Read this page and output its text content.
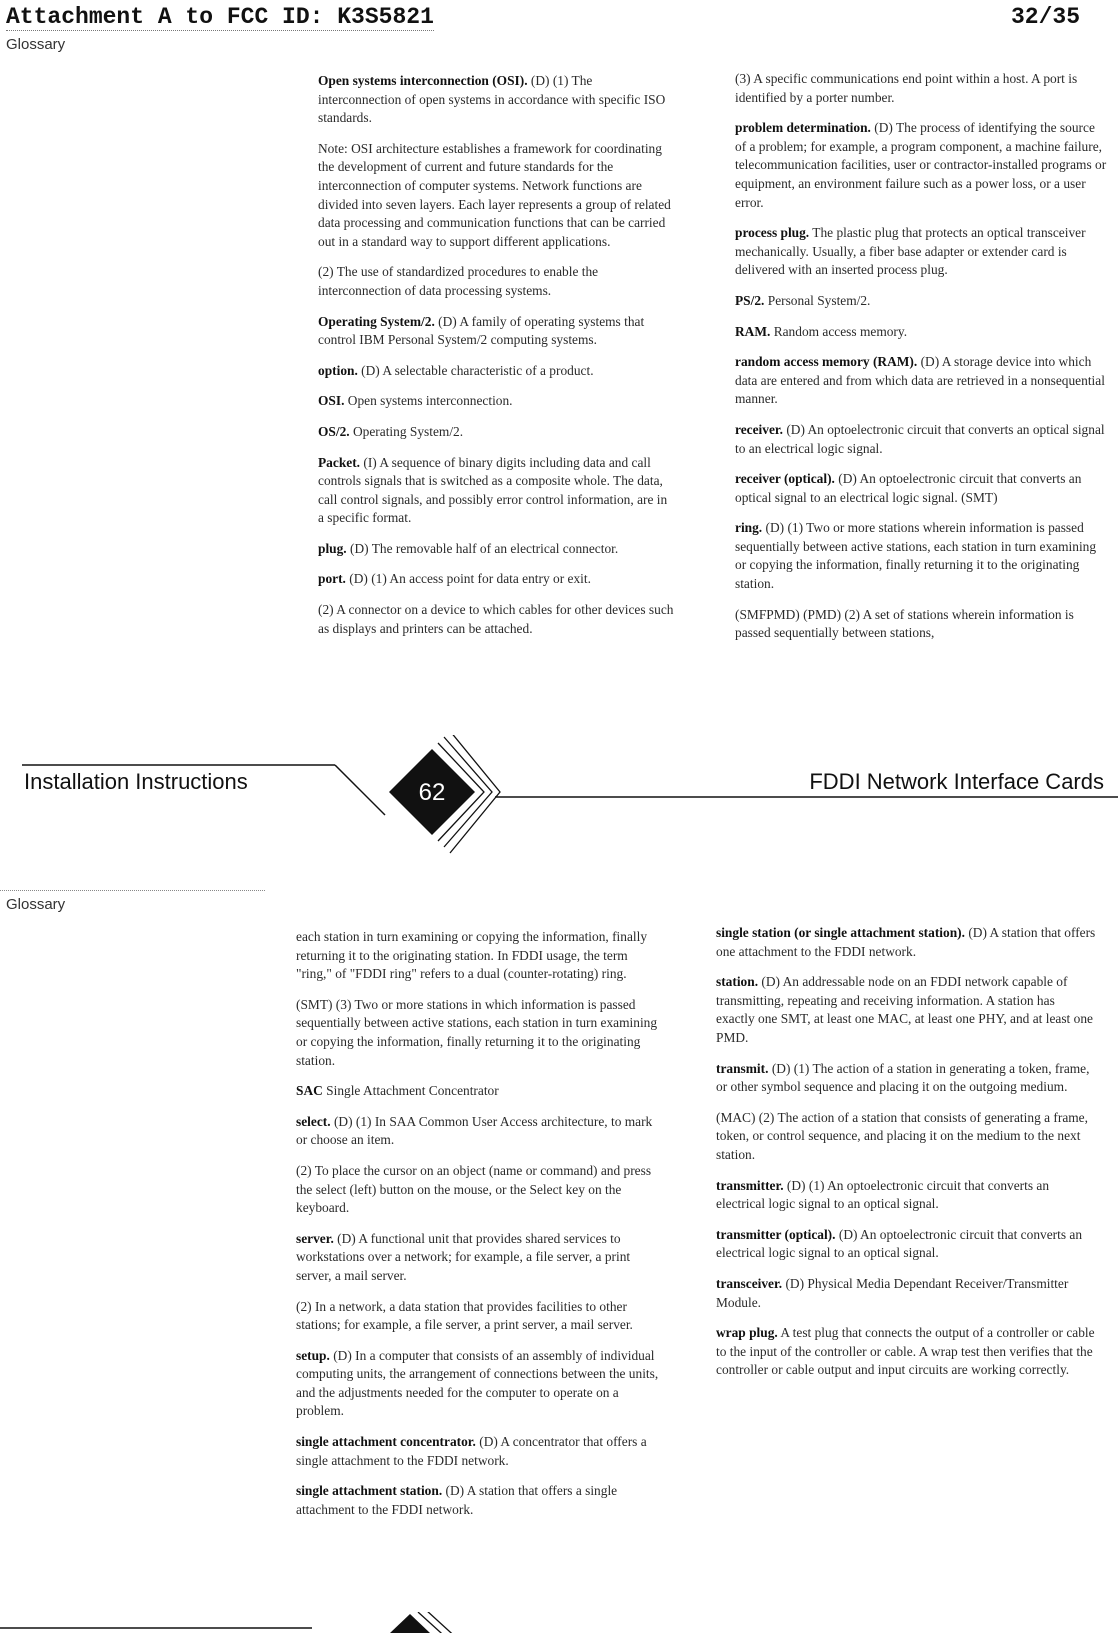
Attachment A to FCC ID: K3S5821	32/35
Glossary

Open systems interconnection (OSI). (D) (1) The interconnection of open systems in accordance with specific ISO standards.

Note: OSI architecture establishes a framework for coordinating the development of current and future standards for the interconnection of computer systems. Network functions are divided into seven layers. Each layer represents a group of related data processing and communication functions that can be carried out in a standard way to support different applications.

(2) The use of standardized procedures to enable the interconnection of data processing systems.

Operating System/2. (D) A family of operating systems that control IBM Personal System/2 computing systems.

option. (D) A selectable characteristic of a product.

OSI. Open systems interconnection.

OS/2. Operating System/2.

Packet. (I) A sequence of binary digits including data and call controls signals that is switched as a composite whole. The data, call control signals, and possibly error control information, are in a specific format.

plug. (D) The removable half of an electrical connector.

port. (D) (1) An access point for data entry or exit.

(2) A connector on a device to which cables for other devices such as displays and printers can be attached.

(3) A specific communications end point within a host. A port is identified by a porter number.

problem determination. (D) The process of identifying the source of a problem; for example, a program component, a machine failure, telecommunication facilities, user or contractor-installed programs or equipment, an environment failure such as a power loss, or a user error.

process plug. The plastic plug that protects an optical transceiver mechanically. Usually, a fiber base adapter or extender card is delivered with an inserted process plug.

PS/2. Personal System/2.

RAM. Random access memory.

random access memory (RAM). (D) A storage device into which data are entered and from which data are retrieved in a nonsequential manner.

receiver. (D) An optoelectronic circuit that converts an optical signal to an electrical logic signal.

receiver (optical). (D) An optoelectronic circuit that converts an optical signal to an electrical logic signal. (SMT)

ring. (D) (1) Two or more stations wherein information is passed sequentially between active stations, each station in turn examining or copying the information, finally returning it to the originating station.

(SMFPMD) (PMD) (2) A set of stations wherein information is passed sequentially between stations,

Installation Instructions	62	FDDI Network Interface Cards
Glossary

each station in turn examining or copying the information, finally returning it to the originating station. In FDDI usage, the term "ring," of "FDDI ring" refers to a dual (counter-rotating) ring.

(SMT) (3) Two or more stations in which information is passed sequentially between active stations, each station in turn examining or copying the information, finally returning it to the originating station.

SAC Single Attachment Concentrator

select. (D) (1) In SAA Common User Access architecture, to mark or choose an item.

(2) To place the cursor on an object (name or command) and press the select (left) button on the mouse, or the Select key on the keyboard.

server. (D) A functional unit that provides shared services to workstations over a network; for example, a file server, a print server, a mail server.

(2) In a network, a data station that provides facilities to other stations; for example, a file server, a print server, a mail server.

setup. (D) In a computer that consists of an assembly of individual computing units, the arrangement of connections between the units, and the adjustments needed for the computer to operate on a problem.

single attachment concentrator. (D) A concentrator that offers a single attachment to the FDDI network.

single attachment station. (D) A station that offers a single attachment to the FDDI network.

single station (or single attachment station). (D) A station that offers one attachment to the FDDI network.

station. (D) An addressable node on an FDDI network capable of transmitting, repeating and receiving information. A station has exactly one SMT, at least one MAC, at least one PHY, and at least one PMD.

transmit. (D) (1) The action of a station in generating a token, frame, or other symbol sequence and placing it on the outgoing medium.

(MAC) (2) The action of a station that consists of generating a frame, token, or control sequence, and placing it on the medium to the next station.

transmitter. (D) (1) An optoelectronic circuit that converts an electrical logic signal to an optical signal.

transmitter (optical). (D) An optoelectronic circuit that converts an electrical logic signal to an optical signal.

transceiver. (D) Physical Media Dependant Receiver/Transmitter Module.

wrap plug. A test plug that connects the output of a controller or cable to the input of the controller or cable. A wrap test then verifies that the controller or cable output and input circuits are working correctly.
